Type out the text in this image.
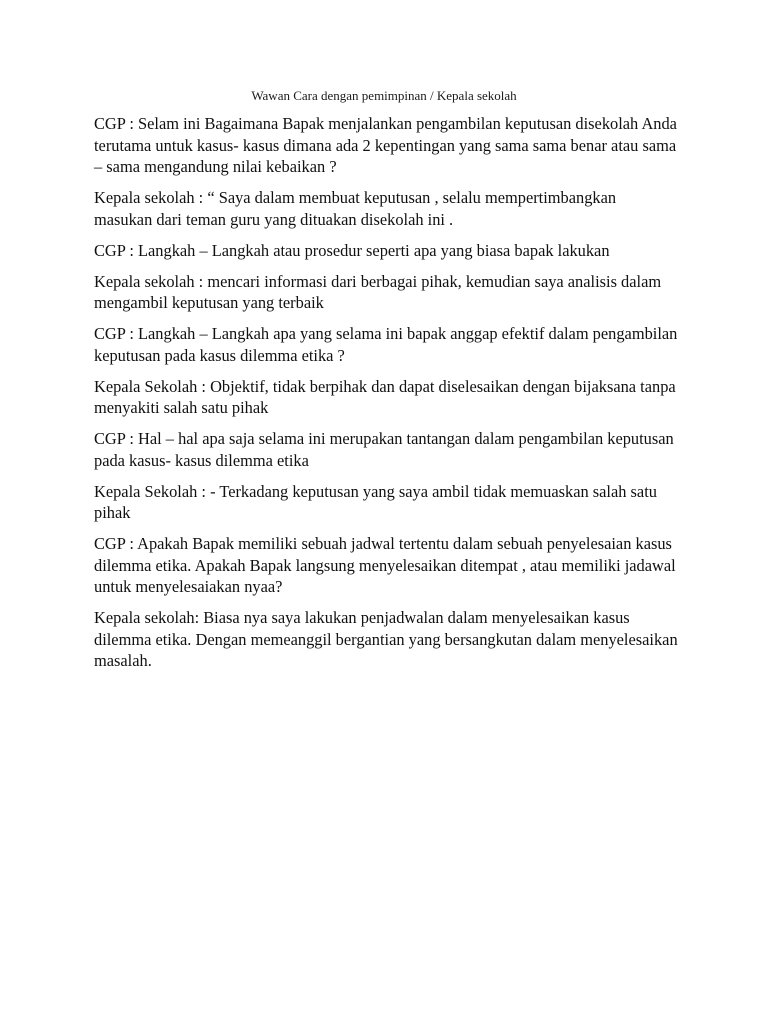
Wawan Cara dengan pemimpinan / Kepala sekolah

CGP : Selam ini Bagaimana Bapak menjalankan pengambilan keputusan disekolah Anda terutama untuk kasus- kasus dimana ada 2 kepentingan yang sama sama benar atau sama – sama mengandung nilai kebaikan ?

Kepala sekolah : “ Saya dalam membuat keputusan , selalu mempertimbangkan masukan dari teman guru yang dituakan disekolah ini .

CGP : Langkah – Langkah atau prosedur seperti apa yang biasa bapak lakukan

Kepala sekolah : mencari informasi dari berbagai pihak, kemudian saya analisis dalam mengambil keputusan yang terbaik

CGP : Langkah – Langkah apa yang selama ini bapak anggap efektif dalam pengambilan keputusan pada kasus dilemma etika ?

Kepala Sekolah : Objektif, tidak berpihak dan dapat diselesaikan dengan bijaksana tanpa menyakiti salah satu pihak

CGP : Hal – hal apa saja selama ini merupakan tantangan dalam pengambilan keputusan pada kasus- kasus dilemma etika

Kepala Sekolah : - Terkadang keputusan yang saya ambil tidak memuaskan salah satu pihak

CGP : Apakah Bapak memiliki sebuah jadwal tertentu dalam sebuah penyelesaian kasus dilemma etika. Apakah Bapak langsung menyelesaikan ditempat , atau memiliki jadawal untuk menyelesaiakan nyaa?

Kepala sekolah: Biasa nya saya lakukan penjadwalan dalam menyelesaikan kasus dilemma etika. Dengan memeanggil bergantian yang bersangkutan dalam menyelesaikan masalah.
